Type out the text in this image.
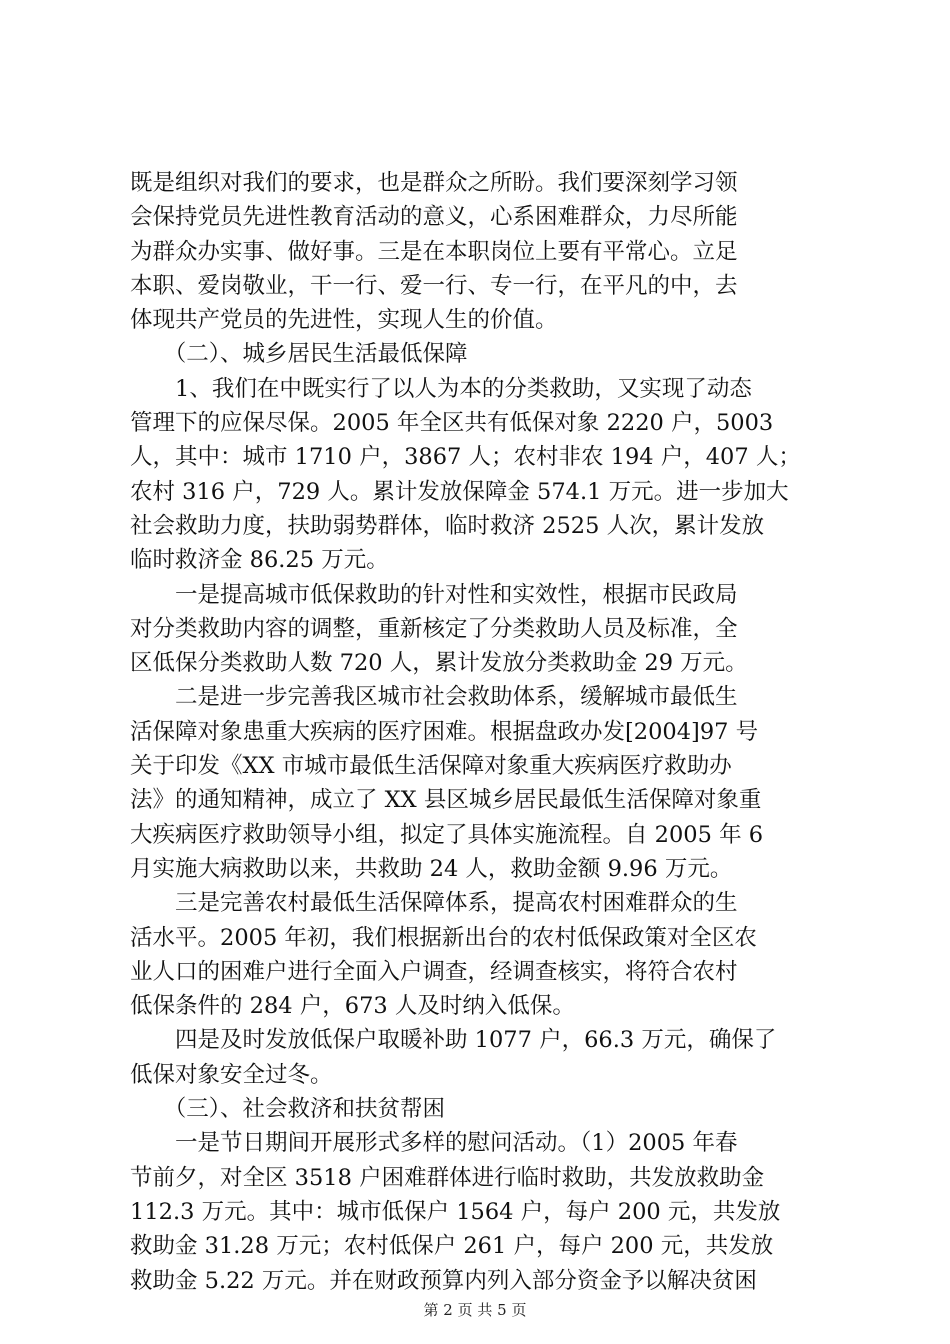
既是组织对我们的要求，也是群众之所盼。我们要深刻学习领
会保持党员先进性教育活动的意义，心系困难群众，力尽所能
为群众办实事、做好事。三是在本职岗位上要有平常心。立足
本职、爱岗敬业，干一行、爱一行、专一行，在平凡的中，去
体现共产党员的先进性，实现人生的价值。
　　（二）、城乡居民生活最低保障
　　1、我们在中既实行了以人为本的分类救助，又实现了动态
管理下的应保尽保。2005 年全区共有低保对象 2220 户，5003
人，其中：城市 1710 户，3867 人；农村非农 194 户，407 人；
农村 316 户，729 人。累计发放保障金 574.1 万元。进一步加大
社会救助力度，扶助弱势群体，临时救济 2525 人次，累计发放
临时救济金 86.25 万元。
　　一是提高城市低保救助的针对性和实效性，根据市民政局
对分类救助内容的调整，重新核定了分类救助人员及标准，全
区低保分类救助人数 720 人，累计发放分类救助金 29 万元。
　　二是进一步完善我区城市社会救助体系，缓解城市最低生
活保障对象患重大疾病的医疗困难。根据盘政办发[2004]97 号
关于印发《XX 市城市最低生活保障对象重大疾病医疗救助办
法》的通知精神，成立了 XX 县区城乡居民最低生活保障对象重
大疾病医疗救助领导小组，拟定了具体实施流程。自 2005 年 6
月实施大病救助以来，共救助 24 人，救助金额 9.96 万元。
　　三是完善农村最低生活保障体系，提高农村困难群众的生
活水平。2005 年初，我们根据新出台的农村低保政策对全区农
业人口的困难户进行全面入户调查，经调查核实，将符合农村
低保条件的 284 户，673 人及时纳入低保。
　　四是及时发放低保户取暖补助 1077 户，66.3 万元，确保了
低保对象安全过冬。
　　（三）、社会救济和扶贫帮困
　　一是节日期间开展形式多样的慰问活动。（1）2005 年春
节前夕，对全区 3518 户困难群体进行临时救助，共发放救助金
112.3 万元。其中：城市低保户 1564 户，每户 200 元，共发放
救助金 31.28 万元；农村低保户 261 户，每户 200 元，共发放
救助金 5.22 万元。并在财政预算内列入部分资金予以解决贫困
第 2 页 共 5 页
